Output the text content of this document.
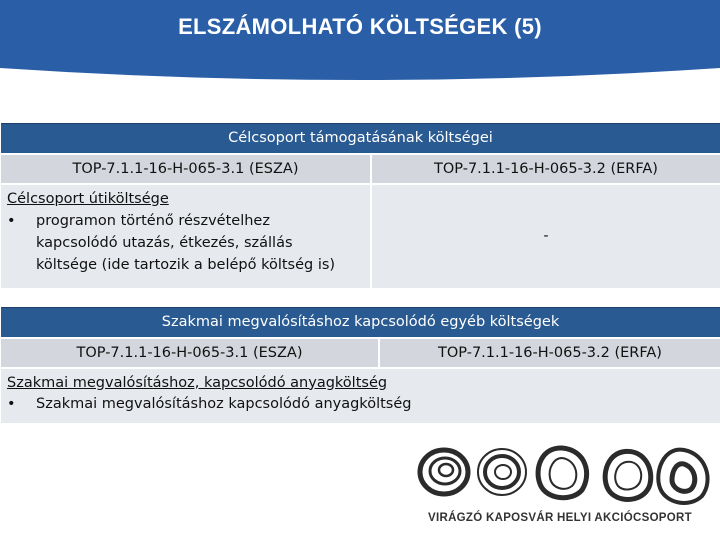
ELSZÁMOLHATÓ KÖLTSÉGEK (5)
Célcsoport támogatásának költségei	
TOP-7.1.1-16-H-065-3.1 (ESZA)	TOP-7.1.1-16-H-065-3.2 (ERFA)

Célcsoport útiköltsége
• programon történő részvételhez
kapcsolódó utazás, étkezés, szállás
költsége (ide tartozik a belépő költség is)	-
Szakmai megvalósításhoz kapcsolódó egyéb költségek
TOP-7.1.1-16-H-065-3.1 (ESZA)	TOP-7.1.1-16-H-065-3.2 (ERFA)

Szakmai megvalósításhoz, kapcsolódó anyagköltség
• Szakmai megvalósításhoz kapcsolódó anyagköltség
VIRÁGZÓ KAPOSVÁR HELYI AKCIÓCSOPORT
